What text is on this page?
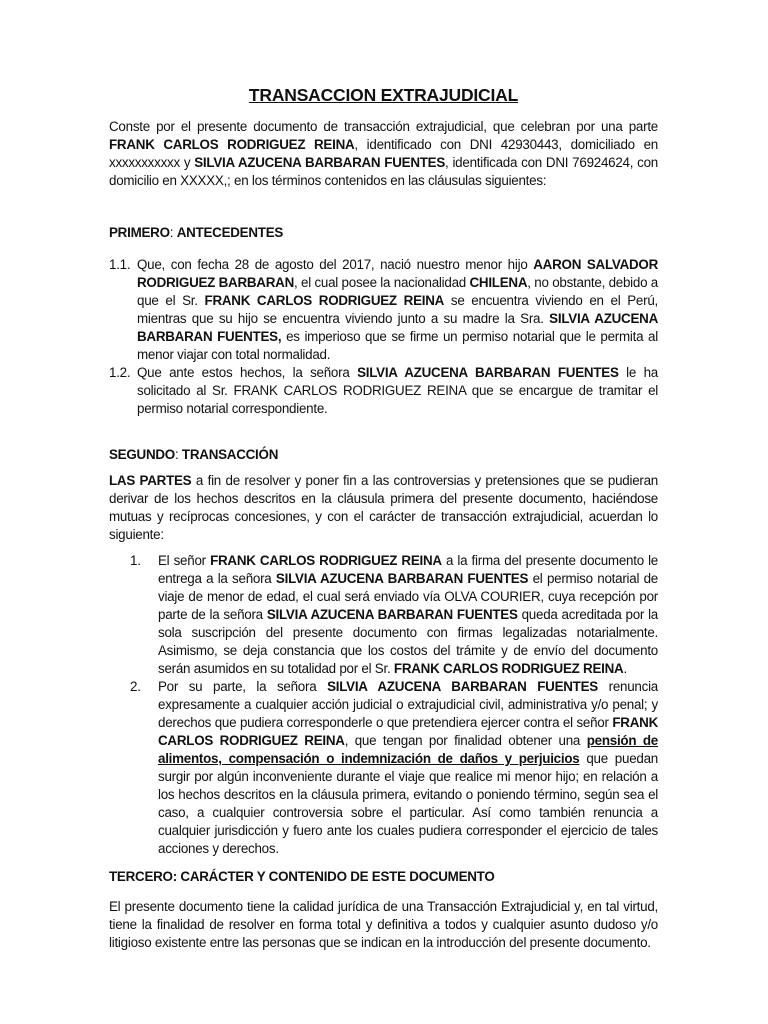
TRANSACCION EXTRAJUDICIAL

Conste por el presente documento de transacción extrajudicial, que celebran por una parte FRANK CARLOS RODRIGUEZ REINA, identificado con DNI 42930443, domiciliado en xxxxxxxxxxx y SILVIA AZUCENA BARBARAN FUENTES, identificada con DNI 76924624, con domicilio en XXXXX,; en los términos contenidos en las cláusulas siguientes:

PRIMERO: ANTECEDENTES

1.1. Que, con fecha 28 de agosto del 2017, nació nuestro menor hijo AARON SALVADOR RODRIGUEZ BARBARAN, el cual posee la nacionalidad CHILENA, no obstante, debido a que el Sr. FRANK CARLOS RODRIGUEZ REINA se encuentra viviendo en el Perú, mientras que su hijo se encuentra viviendo junto a su madre la Sra. SILVIA AZUCENA BARBARAN FUENTES, es imperioso que se firme un permiso notarial que le permita al menor viajar con total normalidad.
1.2. Que ante estos hechos, la señora SILVIA AZUCENA BARBARAN FUENTES le ha solicitado al Sr. FRANK CARLOS RODRIGUEZ REINA que se encargue de tramitar el permiso notarial correspondiente.

SEGUNDO: TRANSACCIÓN

LAS PARTES a fin de resolver y poner fin a las controversias y pretensiones que se pudieran derivar de los hechos descritos en la cláusula primera del presente documento, haciéndose mutuas y recíprocas concesiones, y con el carácter de transacción extrajudicial, acuerdan lo siguiente:

1.	El señor FRANK CARLOS RODRIGUEZ REINA a la firma del presente documento le entrega a la señora SILVIA AZUCENA BARBARAN FUENTES el permiso notarial de viaje de menor de edad, el cual será enviado vía OLVA COURIER, cuya recepción por parte de la señora SILVIA AZUCENA BARBARAN FUENTES queda acreditada por la sola suscripción del presente documento con firmas legalizadas notarialmente. Asimismo, se deja constancia que los costos del trámite y de envío del documento serán asumidos en su totalidad por el Sr. FRANK CARLOS RODRIGUEZ REINA.
2.	Por su parte, la señora SILVIA AZUCENA BARBARAN FUENTES renuncia expresamente a cualquier acción judicial o extrajudicial civil, administrativa y/o penal; y derechos que pudiera corresponderle o que pretendiera ejercer contra el señor FRANK CARLOS RODRIGUEZ REINA, que tengan por finalidad obtener una pensión de alimentos, compensación o indemnización de daños y perjuicios que puedan surgir por algún inconveniente durante el viaje que realice mi menor hijo; en relación a los hechos descritos en la cláusula primera, evitando o poniendo término, según sea el caso, a cualquier controversia sobre el particular. Así como también renuncia a cualquier jurisdicción y fuero ante los cuales pudiera corresponder el ejercicio de tales acciones y derechos.

TERCERO: CARÁCTER Y CONTENIDO DE ESTE DOCUMENTO

El presente documento tiene la calidad jurídica de una Transacción Extrajudicial y, en tal virtud, tiene la finalidad de resolver en forma total y definitiva a todos y cualquier asunto dudoso y/o litigioso existente entre las personas que se indican en la introducción del presente documento.
